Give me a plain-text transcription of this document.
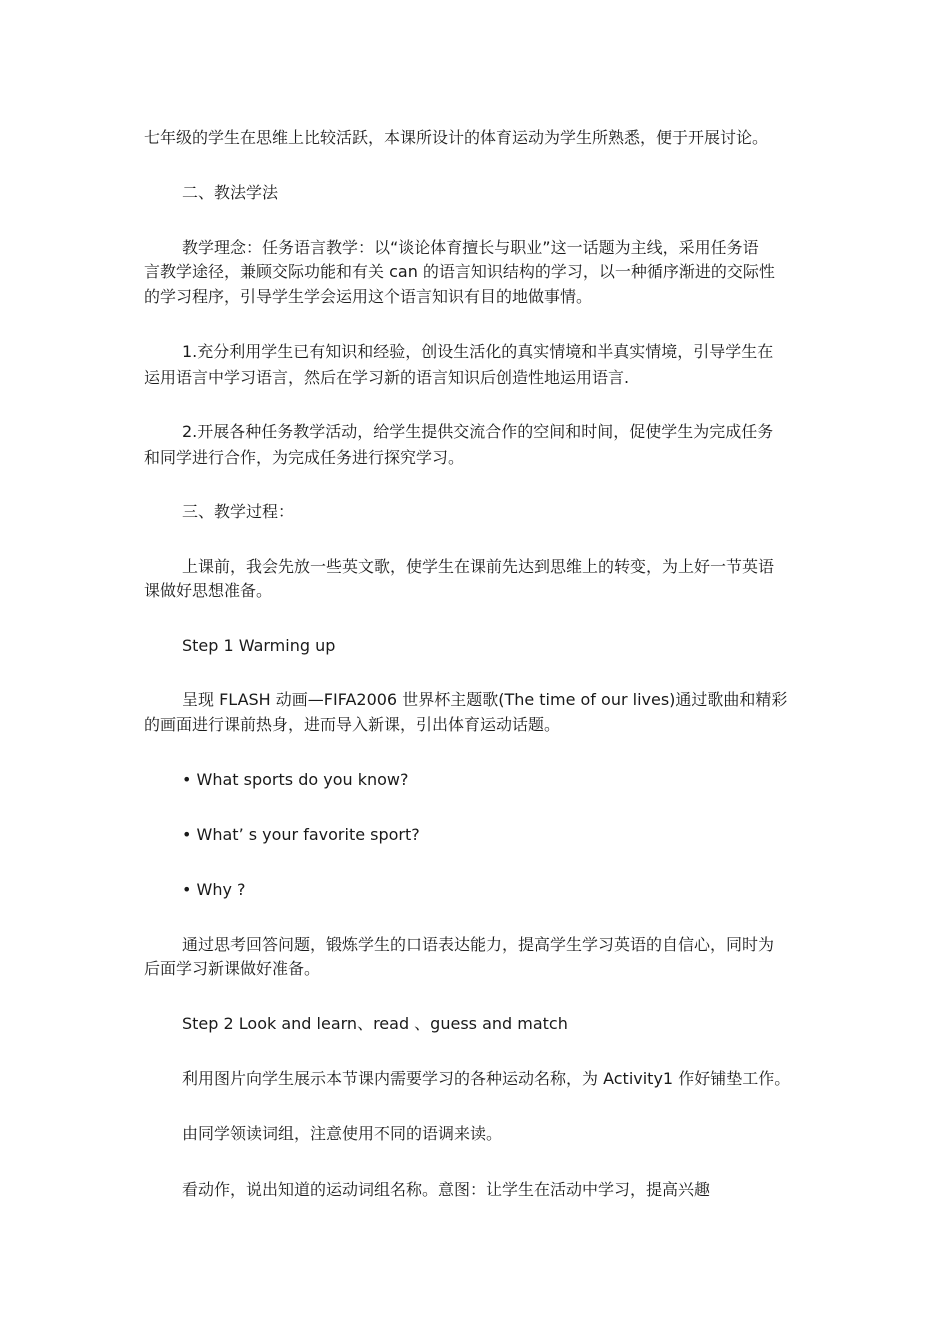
七年级的学生在思维上比较活跃，本课所设计的体育运动为学生所熟悉，便于开展讨论。
二、教法学法
教学理念：任务语言教学：以“谈论体育擅长与职业”这一话题为主线，采用任务语
言教学途径，兼顾交际功能和有关 can 的语言知识结构的学习，以一种循序渐进的交际性
的学习程序，引导学生学会运用这个语言知识有目的地做事情。
1.充分利用学生已有知识和经验，创设生活化的真实情境和半真实情境，引导学生在
运用语言中学习语言，然后在学习新的语言知识后创造性地运用语言.
2.开展各种任务教学活动，给学生提供交流合作的空间和时间，促使学生为完成任务
和同学进行合作，为完成任务进行探究学习。
三、教学过程：
上课前，我会先放一些英文歌，使学生在课前先达到思维上的转变，为上好一节英语
课做好思想准备。
Step 1 Warming up
呈现 FLASH 动画—FIFA2006 世界杯主题歌(The time of our lives)通过歌曲和精彩
的画面进行课前热身，进而导入新课，引出体育运动话题。
• What sports do you know?
• What’ s your favorite sport?
• Why ?
通过思考回答问题，锻炼学生的口语表达能力，提高学生学习英语的自信心，同时为
后面学习新课做好准备。
Step 2 Look and learn、read 、guess and match
利用图片向学生展示本节课内需要学习的各种运动名称，为 Activity1 作好铺垫工作。
由同学领读词组，注意使用不同的语调来读。
看动作，说出知道的运动词组名称。意图：让学生在活动中学习，提高兴趣
